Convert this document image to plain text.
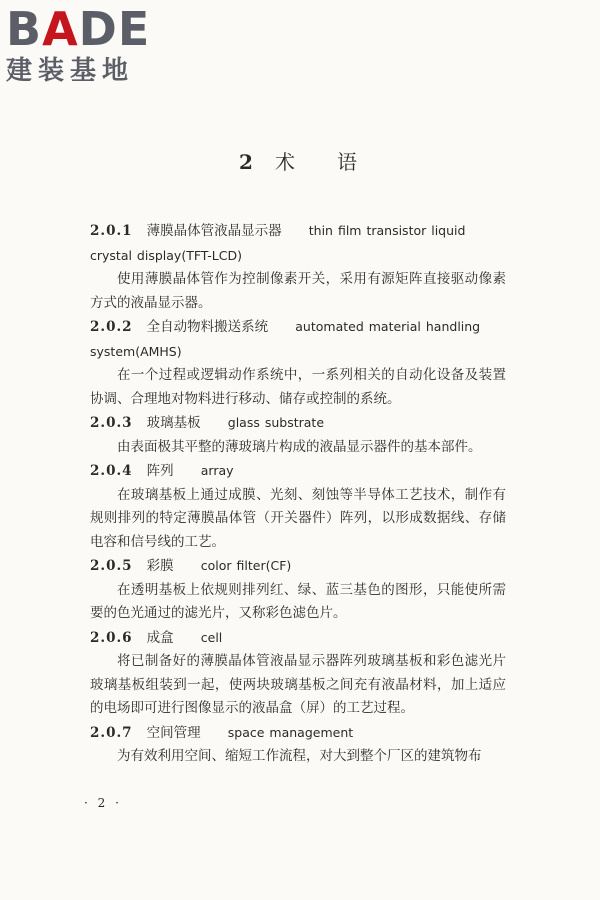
BADE
建装基地
2 术 语

2.0.1 薄膜晶体管液晶显示器 thin film transistor liquid crystal display(TFT-LCD)

使用薄膜晶体管作为控制像素开关，采用有源矩阵直接驱动像素方式的液晶显示器。

2.0.2 全自动物料搬送系统 automated material handling system(AMHS)

在一个过程或逻辑动作系统中，一系列相关的自动化设备及装置协调、合理地对物料进行移动、储存或控制的系统。

2.0.3 玻璃基板 glass substrate

由表面极其平整的薄玻璃片构成的液晶显示器件的基本部件。

2.0.4 阵列 array

在玻璃基板上通过成膜、光刻、刻蚀等半导体工艺技术，制作有规则排列的特定薄膜晶体管（开关器件）阵列，以形成数据线、存储电容和信号线的工艺。

2.0.5 彩膜 color filter(CF)

在透明基板上依规则排列红、绿、蓝三基色的图形，只能使所需要的色光通过的滤光片，又称彩色滤色片。

2.0.6 成盒 cell

将已制备好的薄膜晶体管液晶显示器阵列玻璃基板和彩色滤光片玻璃基板组装到一起，使两块玻璃基板之间充有液晶材料，加上适应的电场即可进行图像显示的液晶盒（屏）的工艺过程。

2.0.7 空间管理 space management

为有效利用空间、缩短工作流程，对大到整个厂区的建筑物布

· 2 ·
